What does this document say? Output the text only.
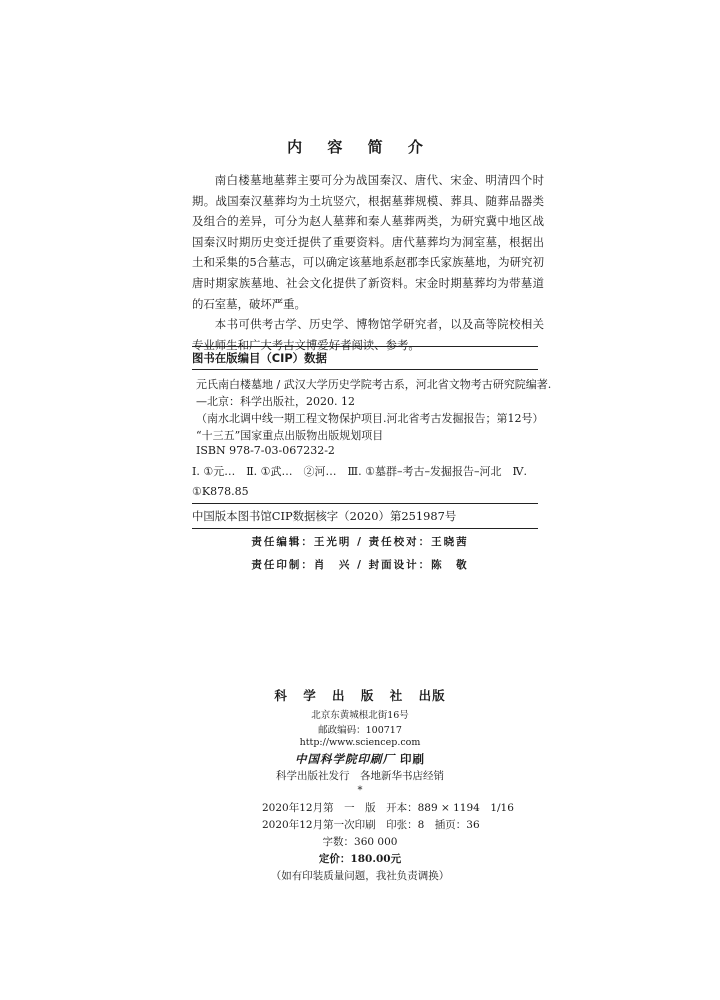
内 容 简 介

南白楼墓地墓葬主要可分为战国秦汉、唐代、宋金、明清四个时期。战国秦汉墓葬均为土坑竖穴，根据墓葬规模、葬具、随葬品器类及组合的差异，可分为赵人墓葬和秦人墓葬两类，为研究冀中地区战国秦汉时期历史变迁提供了重要资料。唐代墓葬均为洞室墓，根据出土和采集的5合墓志，可以确定该墓地系赵郡李氏家族墓地，为研究初唐时期家族墓地、社会文化提供了新资料。宋金时期墓葬均为带墓道的石室墓，破坏严重。

本书可供考古学、历史学、博物馆学研究者，以及高等院校相关专业师生和广大考古文博爱好者阅读、参考。

图书在版编目（CIP）数据
元氏南白楼墓地 / 武汉大学历史学院考古系，河北省文物考古研究院编著.
—北京：科学出版社，2020. 12
（南水北调中线一期工程文物保护项目.河北省考古发掘报告；第12号）
“十三五”国家重点出版物出版规划项目
ISBN 978-7-03-067232-2
Ⅰ. ①元…　Ⅱ. ①武…　②河…　Ⅲ. ①墓群–考古–发掘报告–河北　Ⅳ.
①K878.85
中国版本图书馆CIP数据核字（2020）第251987号
责任编辑：王光明 / 责任校对：王晓茜
责任印制：肖　兴 / 封面设计：陈　敬
科 学 出 版 社 出版
北京东黄城根北街16号
邮政编码：100717
http://www.sciencep.com
中国科学院印刷厂 印刷
科学出版社发行　各地新华书店经销
*
2020年12月第　一　版　开本：889 × 1194　1/16
2020年12月第一次印刷　印张：8　插页：36
字数：360 000
定价：180.00元
（如有印装质量问题，我社负责调换）
